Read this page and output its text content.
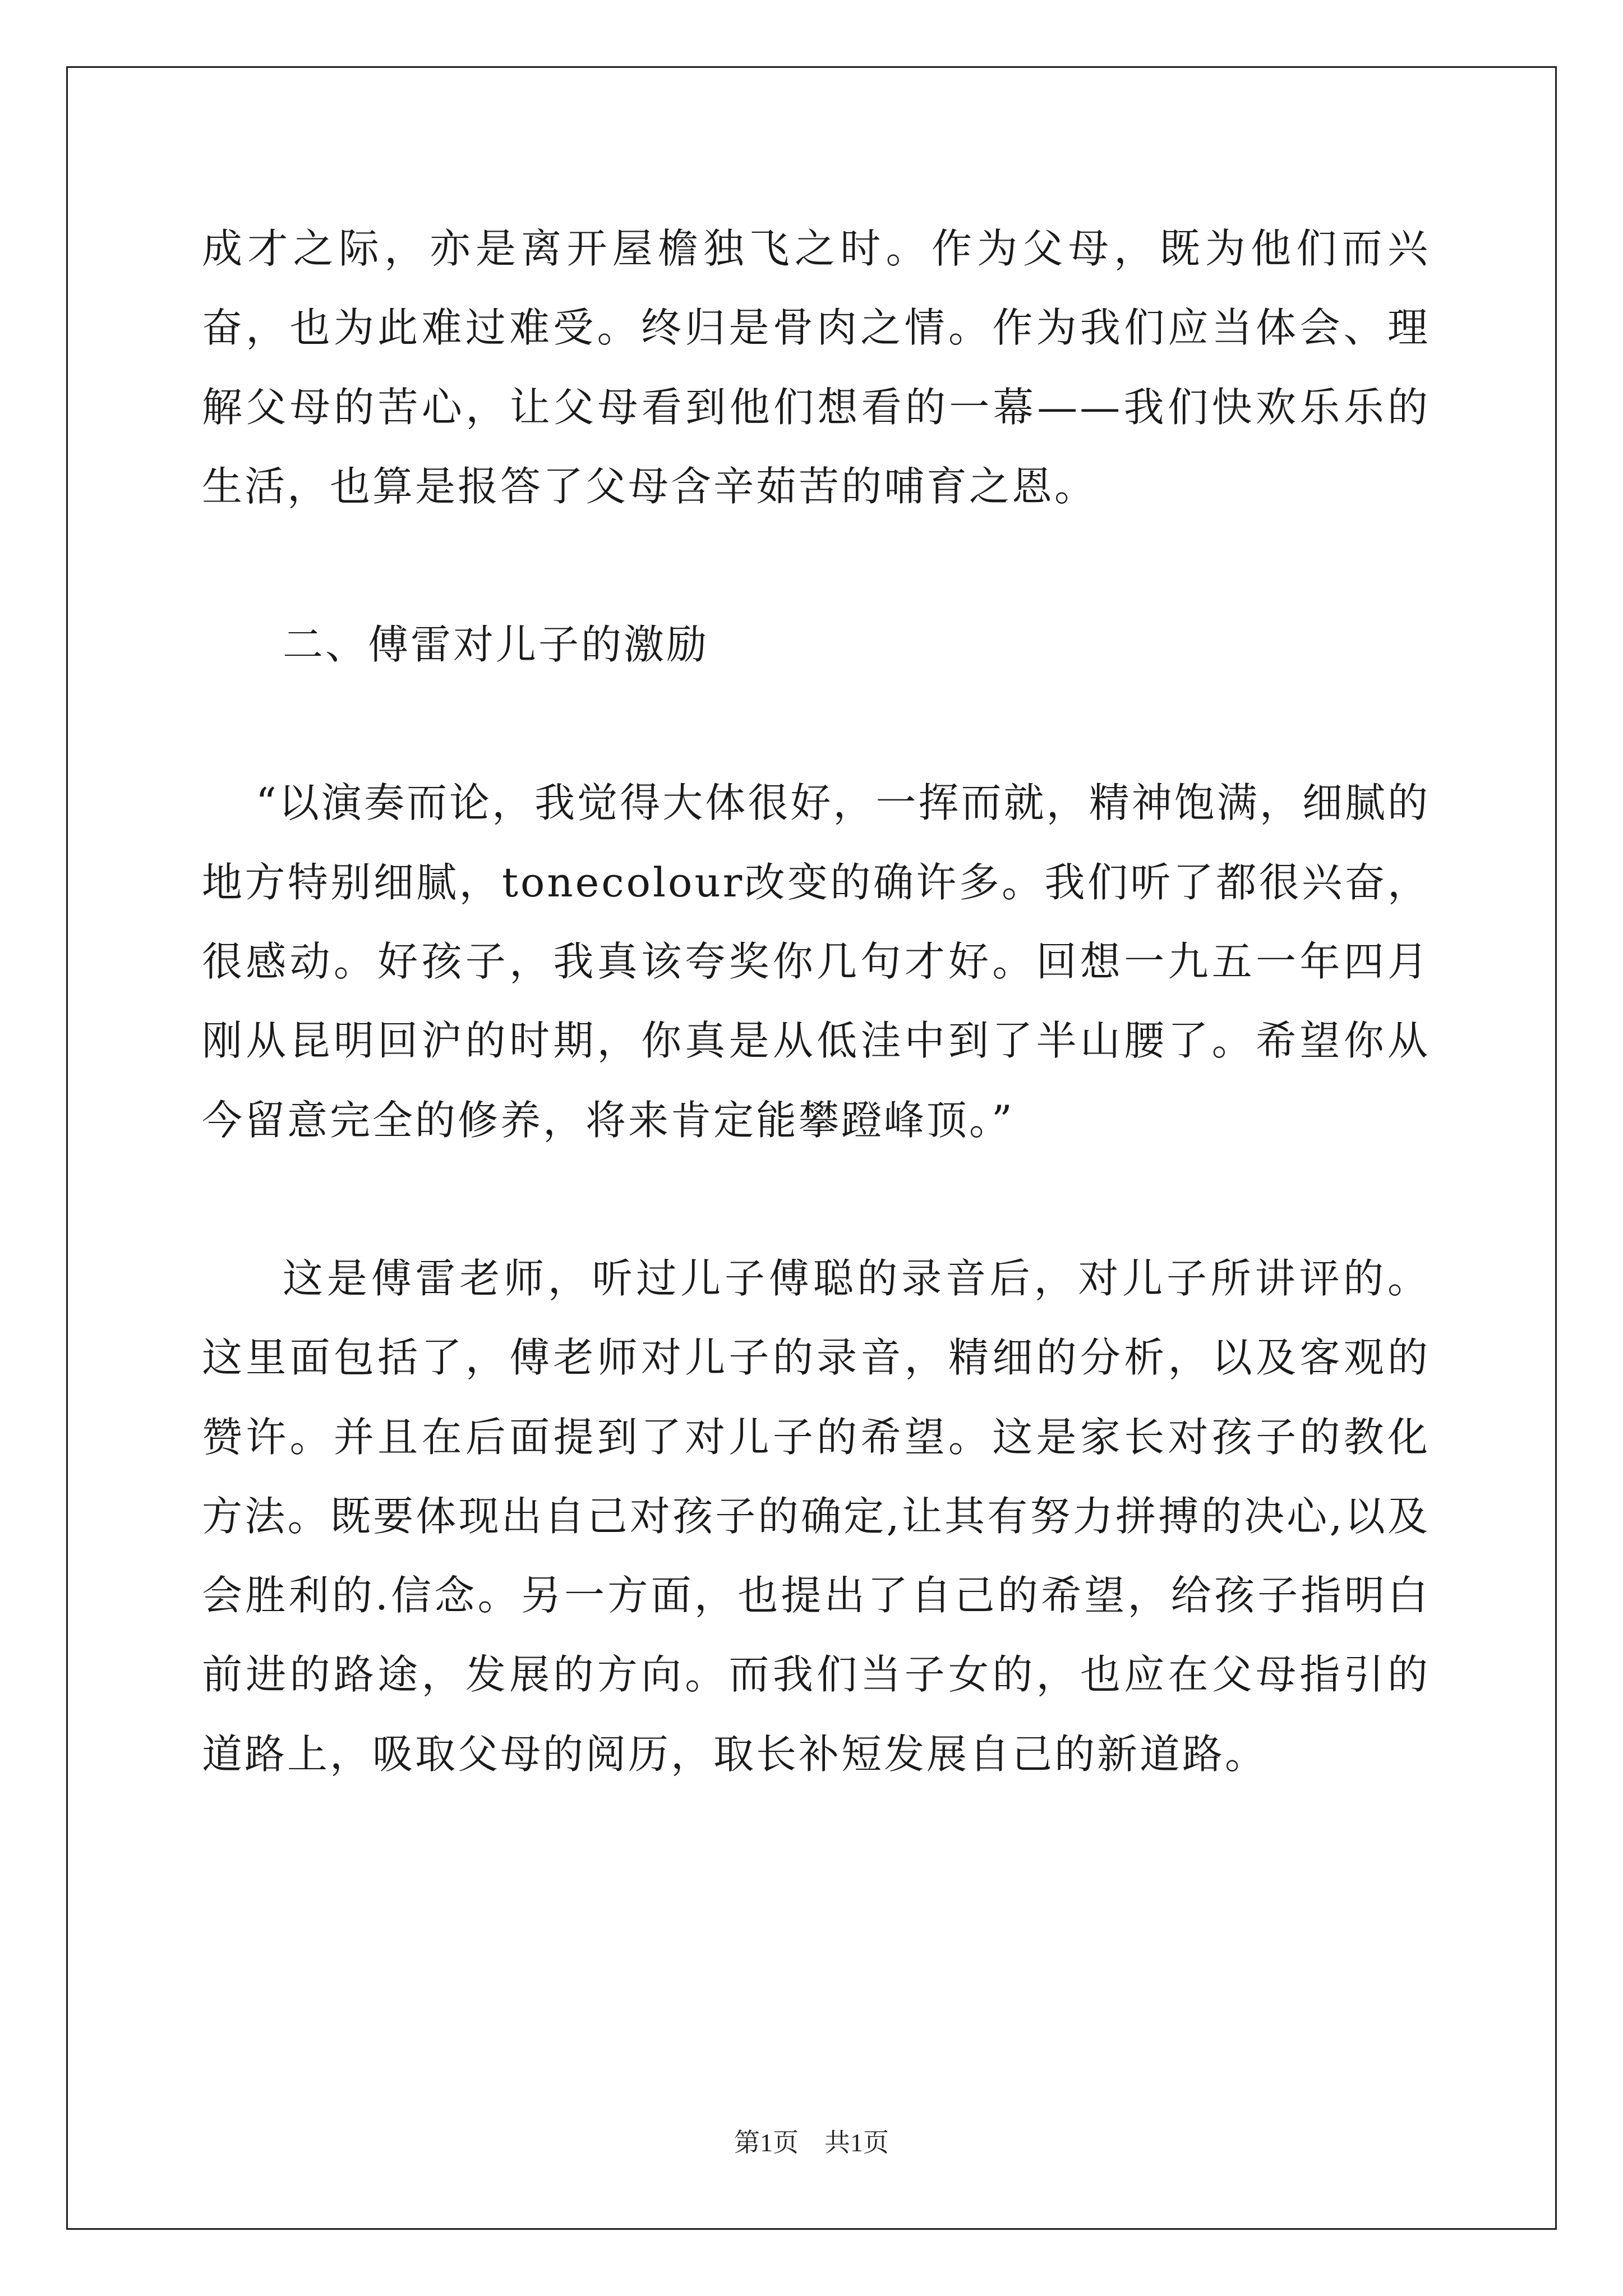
成才之际，亦是离开屋檐独飞之时。作为父母，既为他们而兴奋，也为此难过难受。终归是骨肉之情。作为我们应当体会、理解父母的苦心，让父母看到他们想看的一幕——我们快欢乐乐的生活，也算是报答了父母含辛茹苦的哺育之恩。

二、傅雷对儿子的激励

“以演奏而论，我觉得大体很好，一挥而就，精神饱满，细腻的地方特别细腻，tonecolour改变的确许多。我们听了都很兴奋，很感动。好孩子，我真该夸奖你几句才好。回想一九五一年四月刚从昆明回沪的时期，你真是从低洼中到了半山腰了。希望你从今留意完全的修养，将来肯定能攀蹬峰顶。”

这是傅雷老师，听过儿子傅聪的录音后，对儿子所讲评的。这里面包括了，傅老师对儿子的录音，精细的分析，以及客观的赞许。并且在后面提到了对儿子的希望。这是家长对孩子的教化方法。既要体现出自己对孩子的确定,让其有努力拼搏的决心,以及会胜利的.信念。另一方面，也提出了自己的希望，给孩子指明白前进的路途，发展的方向。而我们当子女的，也应在父母指引的道路上，吸取父母的阅历，取长补短发展自己的新道路。

第1页　共1页
